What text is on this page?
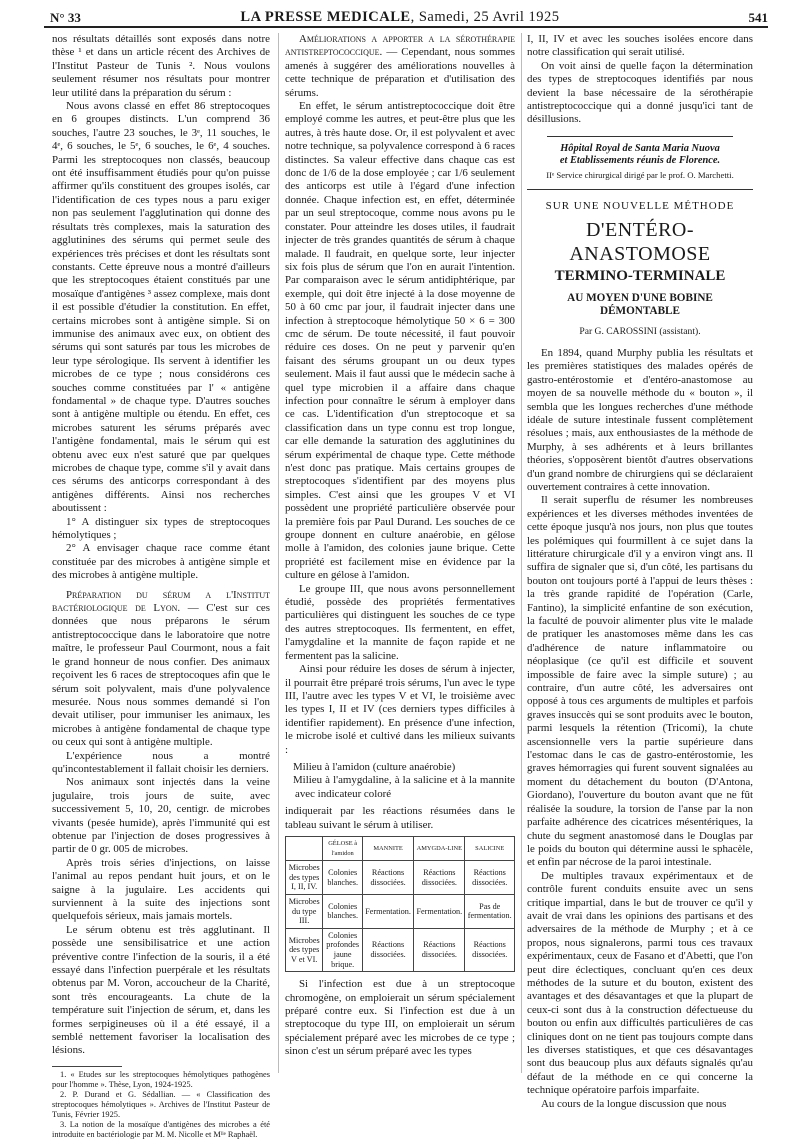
N° 33	LA PRESSE MEDICALE, Samedi, 25 Avril 1925	541

nos résultats détaillés sont exposés dans notre thèse ¹ et dans un article récent des Archives de l'Institut Pasteur de Tunis ². Nous voulons seulement résumer nos résultats pour montrer leur utilité dans la préparation du sérum :

Nous avons classé en effet 86 streptocoques en 6 groupes distincts. L'un comprend 36 souches, l'autre 23 souches, le 3ᵉ, 11 souches, le 4ᵉ, 6 souches, le 5ᵉ, 6 souches, le 6ᵉ, 4 souches. Parmi les streptocoques non classés, beaucoup ont été insuffisamment étudiés pour qu'on puisse affirmer qu'ils constituent des groupes isolés, car l'identification de ces types nous a paru exiger non pas seulement l'agglutination qui donne des résultats très complexes, mais la saturation des agglutinines des sérums qui permet seule des expériences très précises et dont les résultats sont constants. Cette épreuve nous a montré d'ailleurs que les streptocoques étaient constitués par une mosaïque d'antigènes ³ assez complexe, mais dont il est possible d'étudier la constitution. En effet, certains microbes sont à antigène simple. Si on immunise des animaux avec eux, on obtient des sérums qui sont saturés par tous les microbes de leur type sérologique. Ils servent à identifier les microbes de ce type ; nous considérons ces souches comme constituées par l' « antigène fondamental » de chaque type. D'autres souches sont à antigène multiple ou étendu. En effet, ces microbes saturent les sérums préparés avec l'antigène fondamental, mais le sérum qui est obtenu avec eux n'est saturé que par quelques microbes de chaque type, comme s'il y avait dans ces sérums des anticorps correspondant à des antigènes différents. Ainsi nos recherches aboutissent :

1° A distinguer six types de streptocoques hémolytiques ;

2° A envisager chaque race comme étant constituée par des microbes à antigène simple et des microbes à antigène multiple.

Préparation du sérum a l'Institut bactériologique de Lyon. — C'est sur ces données que nous préparons le sérum antistreptococcique dans le laboratoire que notre maître, le professeur Paul Courmont, nous a fait le grand honneur de nous confier. Des animaux reçoivent les 6 races de streptocoques afin que le sérum soit polyvalent, mais d'une polyvalence mesurée. Nous nous sommes demandé si l'on devait utiliser, pour immuniser les animaux, les microbes à antigène fondamental de chaque type ou ceux qui sont à antigène multiple.

L'expérience nous a montré qu'incontestablement il fallait choisir les derniers.

Nos animaux sont injectés dans la veine jugulaire, trois jours de suite, avec successivement 5, 10, 20, centigr. de microbes vivants (pesée humide), après l'immunité qui est obtenue par l'injection de doses progressives à partir de 0 gr. 005 de microbes.

Après trois séries d'injections, on laisse l'animal au repos pendant huit jours, et on le saigne à la jugulaire. Les accidents qui surviennent à la suite des injections sont quelquefois sérieux, mais jamais mortels.

Le sérum obtenu est très agglutinant. Il possède une sensibilisatrice et une action préventive contre l'infection de la souris, il a été essayé dans l'infection puerpérale et les résultats obtenus par M. Voron, accoucheur de la Charité, sont très encourageants. La chute de la température suit l'injection de sérum, et, dans les formes serpigineuses où il a été essayé, il a semblé nettement favoriser la localisation des lésions.

1. « Etudes sur les streptocoques hémolytiques pathogènes pour l'homme ». Thèse, Lyon, 1924-1925.

2. P. Durand et G. Sédallian. — « Classification des streptocoques hémolytiques ». Archives de l'Institut Pasteur de Tunis, Février 1925.

3. La notion de la mosaïque d'antigènes des microbes a été introduite en bactériologie par M. M. Nicolle et Mˡˡᵉ Raphaël.

Améliorations a apporter a la sérothérapie antistreptococcique. — Cependant, nous sommes amenés à suggérer des améliorations nouvelles à cette technique de préparation et d'utilisation des sérums.

En effet, le sérum antistreptococcique doit être employé comme les autres, et peut-être plus que les autres, à très haute dose. Or, il est polyvalent et avec notre technique, sa polyvalence correspond à 6 races distinctes. Sa valeur effective dans chaque cas est donc de 1/6 de la dose employée ; car 1/6 seulement des anticorps est utile à l'égard d'une infection donnée. Chaque infection est, en effet, déterminée par un seul streptocoque, comme nous avons pu le constater. Pour atteindre les doses utiles, il faudrait injecter de très grandes quantités de sérum à chaque malade. Il faudrait, en quelque sorte, leur injecter six fois plus de sérum que l'on en aurait l'intention. Par comparaison avec le sérum antidiphtérique, par exemple, qui doit être injecté à la dose moyenne de 50 à 60 cmc par jour, il faudrait injecter dans une infection à streptocoque hémolytique 50 × 6 = 300 cmc de sérum. De toute nécessité, il faut pouvoir réduire ces doses. On ne peut y parvenir qu'en faisant des sérums groupant un ou deux types seulement. Mais il faut aussi que le médecin sache à quel type microbien il a affaire dans chaque infection pour connaître le sérum à employer dans ce cas. L'identification d'un streptocoque et sa classification dans un type connu est trop longue, car elle demande la saturation des agglutinines du sérum expérimental de chaque type. Cette méthode n'est donc pas pratique. Mais certains groupes de streptocoques s'identifient par des moyens plus simples. C'est ainsi que les groupes V et VI possèdent une propriété particulière observée pour la première fois par Paul Durand. Les souches de ce groupe donnent en culture anaérobie, en gélose molle à l'amidon, des colonies jaune brique. Cette propriété est facilement mise en évidence par la culture en gélose à l'amidon.

Le groupe III, que nous avons personnellement étudié, possède des propriétés fermentatives particulières qui distinguent les souches de ce type des autres streptocoques. Ils fermentent, en effet, l'amygdaline et la mannite de façon rapide et ne fermentent pas la salicine.

Ainsi pour réduire les doses de sérum à injecter, il pourrait être préparé trois sérums, l'un avec le type III, l'autre avec les types V et VI, le troisième avec les types I, II et IV (ces derniers types difficiles à identifier rapidement). En présence d'une infection, le microbe isolé et cultivé dans les milieux suivants :

Milieu à l'amidon (culture anaérobie)

Milieu à l'amygdaline, à la salicine et à la mannite avec indicateur coloré

indiquerait par les réactions résumées dans le tableau suivant le sérum à utiliser.

	GÉLOSE à l'amidon	MANNITE	AMYGDA-LINE	SALICINE
Microbes des types I, II, IV.	Colonies blanches.	Réactions dissociées.	Réactions dissociées.	Réactions dissociées.
Microbes du type III.	Colonies blanches.	Fermentation.	Fermentation.	Pas de fermentation.
Microbes des types V et VI.	Colonies profondes jaune brique.	Réactions dissociées.	Réactions dissociées.	Réactions dissociées.

Si l'infection est due à un streptocoque chromogène, on emploierait un sérum spécialement préparé contre eux. Si l'infection est due à un streptocoque du type III, on emploierait un sérum spécialement préparé avec les microbes de ce type ; sinon c'est un sérum préparé avec les types

I, II, IV et avec les souches isolées encore dans notre classification qui serait utilisé.

On voit ainsi de quelle façon la détermination des types de streptocoques identifiés par nous devient la base nécessaire de la sérothérapie antistreptococcique qui a donné jusqu'ici tant de désillusions.

Hôpital Royal de Santa Maria Nuova
et Etablissements réunis de Florence.
IIᵉ Service chirurgical dirigé par le prof. O. Marchetti.
SUR UNE NOUVELLE MÉTHODE
D'ENTÉRO-ANASTOMOSE
TERMINO-TERMINALE
AU MOYEN D'UNE BOBINE DÉMONTABLE
Par G. CAROSSINI (assistant).

En 1894, quand Murphy publia les résultats et les premières statistiques des malades opérés de gastro-entérostomie et d'entéro-anastomose au moyen de sa nouvelle méthode du « bouton », il sembla que les longues recherches d'une méthode idéale de suture intestinale fussent complètement résolues ; mais, aux enthousiastes de la méthode de Murphy, à ses adhérents et à leurs brillantes théories, s'opposèrent bientôt d'autres observations d'un grand nombre de chirurgiens qui se déclaraient ouvertement contraires à cette innovation.

Il serait superflu de résumer les nombreuses expériences et les diverses méthodes inventées de cette époque jusqu'à nos jours, non plus que toutes les polémiques qui fourmillent à ce sujet dans la littérature chirurgicale d'il y a environ vingt ans. Il suffira de signaler que si, d'un côté, les partisans du bouton ont toujours porté à l'appui de leurs thèses : la très grande rapidité de l'opération (Carle, Fantino), la simplicité enfantine de son exécution, la faculté de pouvoir alimenter plus vite le malade de pratiquer les anastomoses même dans les cas d'adhérence de nature inflammatoire ou néoplasique (ce qu'il est difficile et souvent impossible de faire avec la simple suture) ; au contraire, d'un autre côté, les adversaires ont opposé à tous ces arguments de multiples et parfois graves insuccès qui se sont produits avec le bouton, parmi lesquels la rétention (Tricomi), la chute ascensionnelle vers la partie supérieure dans l'estomac dans le cas de gastro-entérostomie, les graves hémorragies qui furent souvent signalées au moment du détachement du bouton (D'Antona, Giordano), l'ouverture du bouton avant que ne fût réalisée la soudure, la torsion de l'anse par la non parfaite adhérence des cicatrices mésentériques, la chute du segment anastomosé dans le Douglas par le poids du bouton qui détermine aussi le sphacèle, et enfin par nécrose de la paroi intestinale.

De multiples travaux expérimentaux et de contrôle furent conduits ensuite avec un sens critique impartial, dans le but de trouver ce qu'il y avait de vrai dans les opinions des partisans et des adversaires de la méthode de Murphy ; et à ce propos, nous signalerons, parmi tous ces travaux expérimentaux, ceux de Fasano et d'Abetti, que l'on peut dire éclectiques, concluant qu'en ces deux méthodes de la suture et du bouton, existent des avantages et des désavantages et que la plupart de ceux-ci sont dus à la construction défectueuse du bouton ou enfin aux difficultés particulières de cas cliniques dont on ne tient pas toujours compte dans les diverses statistiques, et que ces désavantages sont dus beaucoup plus aux défauts signalés qu'au défaut de la méthode en ce qui concerne la technique opératoire parfois imparfaite.

Au cours de la longue discussion que nous
